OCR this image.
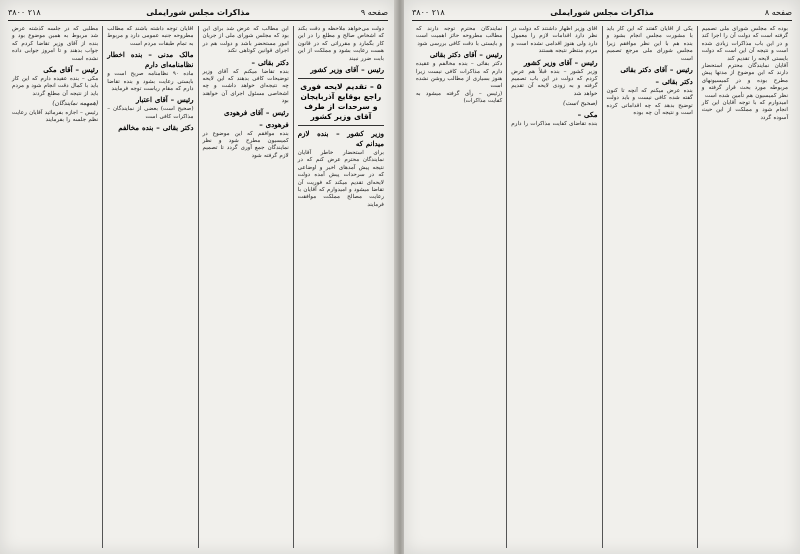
صفحه ۹
مذاکرات مجلس شورایملی
۲۱۸ ۳۸۰۰

دولت می‌خواهد ملاحظه و دقت بکند که اشخاص صالح و مطلع را در این کار بگمارد و مقرراتی که در قانون هست رعایت بشود و مملکت از این بابت ضرر نبیند

رئیس – آقای وزیر کشور
۵ – تقدیم لایحه فوری راجع بوقایع آذربایجان و سرحدات از طرف آقای وزیر کشور
وزیر کشور – بنده لازم میدانم که

برای استحضار خاطر آقایان نمایندگان محترم عرض کنم که در نتیجه پیش آمدهای اخیر و اوضاعی که در سرحدات پیش آمده دولت لایحه‌ای تقدیم میکند که فوریت آن تقاضا میشود و امیدوارم که آقایان با رعایت مصالح مملکت موافقت فرمایند

این مطالب که عرض شد برای این بود که مجلس شورای ملی از جریان امور مستحضر باشد و دولت هم در اجرای قوانین کوتاهی نکند

دکتر بقائی –

بنده تقاضا میکنم که آقای وزیر توضیحات کافی بدهند که این لایحه چه نتیجه‌ای خواهد داشت و چه اشخاصی مسئول اجرای آن خواهند بود

رئیس – آقای فرهودی
فرهودی –

بنده موافقم که این موضوع در کمیسیون مطرح شود و نظر نمایندگان جمع آوری گردد تا تصمیم لازم گرفته شود

آقایان توجه داشته باشند که مطالب مطروحه جنبه عمومی دارد و مربوط به تمام طبقات مردم است

مالک مدنی – بنده اخطار نظامنامه‌ای دارم

ماده ۹۰ نظامنامه صریح است و بایستی رعایت بشود و بنده تقاضا دارم که مقام ریاست توجه فرمایند

رئیس – آقای اعتبار

(صحیح است) بعضی از نمایندگان – مذاکرات کافی است

دکتر بقائی – بنده مخالفم

مطلبی که در جلسه گذشته عرض شد مربوط به همین موضوع بود و بنده از آقای وزیر تقاضا کردم که جواب بدهند و تا امروز جوابی داده نشده است

رئیس – آقای مکی

مکی – بنده عقیده دارم که این کار باید با کمال دقت انجام شود و مردم باید از نتیجه آن مطلع گردند

(همهمه نمایندگان)

رئیس – اجازه بفرمائید آقایان رعایت نظم جلسه را بفرمایند

صفحه ۸
مذاکرات مجلس شورایملی
۲۱۸ ۳۸۰۰

بوده که مجلس شورای ملی تصمیم گرفته است که دولت آن را اجرا کند و در این باب مذاکرات زیادی شده است و نتیجه آن این است که دولت بایستی لایحه را تقدیم کند

آقایان نمایندگان محترم استحضار دارند که این موضوع از مدتها پیش مطرح بوده و در کمیسیونهای مربوطه مورد بحث قرار گرفته و نظر کمیسیون هم تأمین شده است

امیدوارم که با توجه آقایان این کار انجام شود و مملکت از این حیث آسوده گردد

یکی از آقایان گفتند که این کار باید با مشورت مجلس انجام بشود و بنده هم با این نظر موافقم زیرا مجلس شورای ملی مرجع تصمیم است

رئیس – آقای دکتر بقائی
دکتر بقائی –

بنده عرض میکنم که آنچه تا کنون گفته شده کافی نیست و باید دولت توضیح بدهد که چه اقداماتی کرده است و نتیجه آن چه بوده

آقای وزیر اظهار داشتند که دولت در نظر دارد اقدامات لازم را معمول دارد ولی هنوز اقدامی نشده است و مردم منتظر نتیجه هستند

رئیس – آقای وزیر کشور

وزیر کشور – بنده قبلاً هم عرض کردم که دولت در این باب تصمیم گرفته و به زودی لایحه آن تقدیم خواهد شد

(صحیح است)
مکی –

بنده تقاضای کفایت مذاکرات را دارم

نمایندگان محترم توجه دارند که مطالب مطروحه حائز اهمیت است و بایستی با دقت کافی بررسی شود

رئیس – آقای دکتر بقائی

دکتر بقائی – بنده مخالفم و عقیده دارم که مذاکرات کافی نیست زیرا هنوز بسیاری از مطالب روشن نشده است

(رئیس – رأی گرفته میشود به کفایت مذاکرات)
